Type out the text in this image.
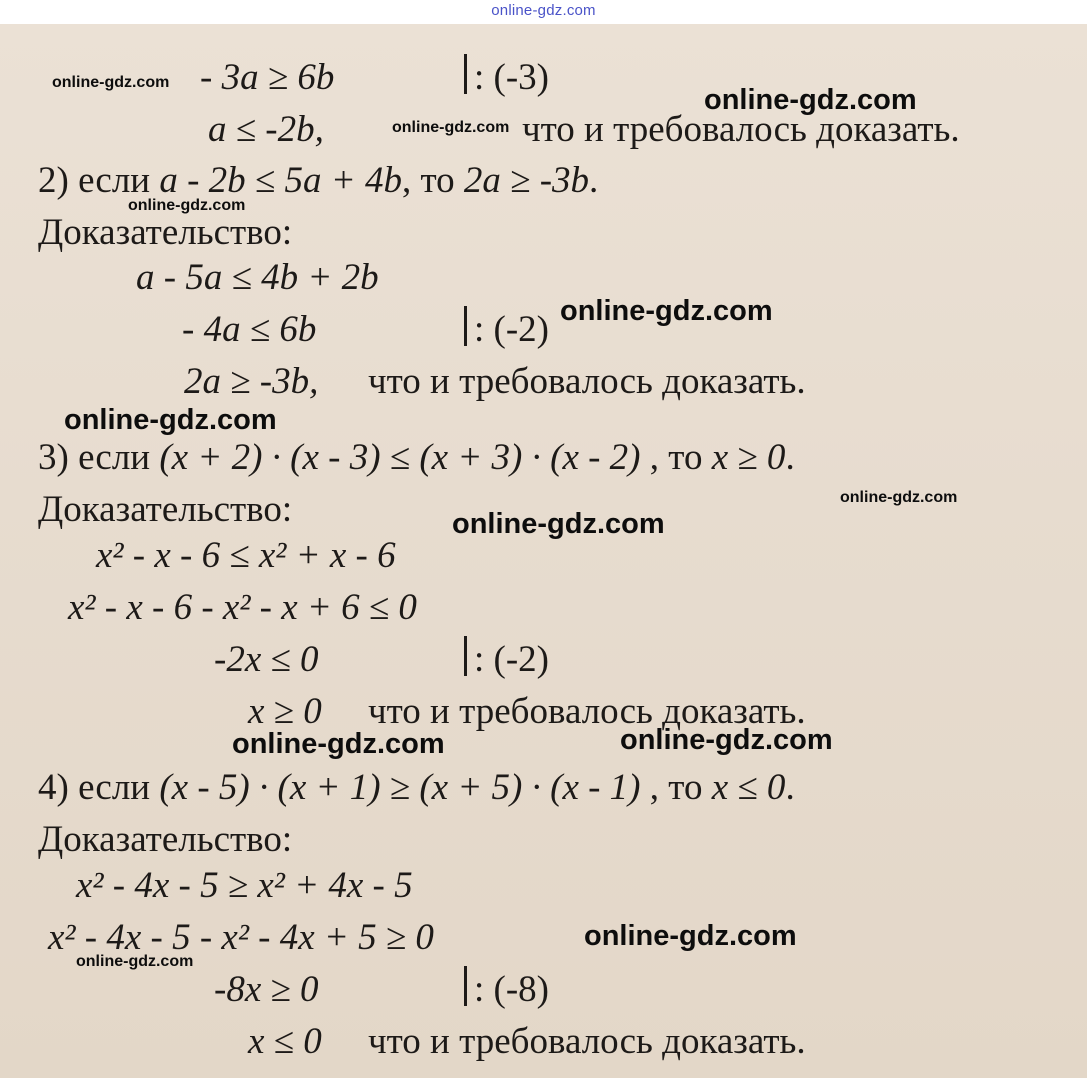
online-gdz.com
- 3a ≥ 6b	: (-3)
a ≤ -2b,	что и требовалось доказать.
2) если a - 2b ≤ 5a + 4b, то 2a ≥ -3b.
Доказательство:
a - 5a ≤ 4b + 2b
- 4a ≤ 6b	: (-2)
2a ≥ -3b, что и требовалось доказать.
3) если (x + 2) · (x - 3) ≤ (x + 3) · (x - 2) , то x ≥ 0.
Доказательство:
x² - x - 6 ≤ x² + x - 6
x² - x - 6 - x² - x + 6 ≤ 0
-2x ≤ 0	: (-2)
x ≥ 0 что и требовалось доказать.
4) если (x - 5) · (x + 1) ≥ (x + 5) · (x - 1) , то x ≤ 0.
Доказательство:
x² - 4x - 5 ≥ x² + 4x - 5
x² - 4x - 5 - x² - 4x + 5 ≥ 0
-8x ≥ 0	: (-8)
x ≤ 0 что и требовалось доказать.
online-gdz.com
online-gdz.com
online-gdz.com
online-gdz.com
online-gdz.com
online-gdz.com
online-gdz.com
online-gdz.com
online-gdz.com	online-gdz.com
online-gdz.com
online-gdz.com
